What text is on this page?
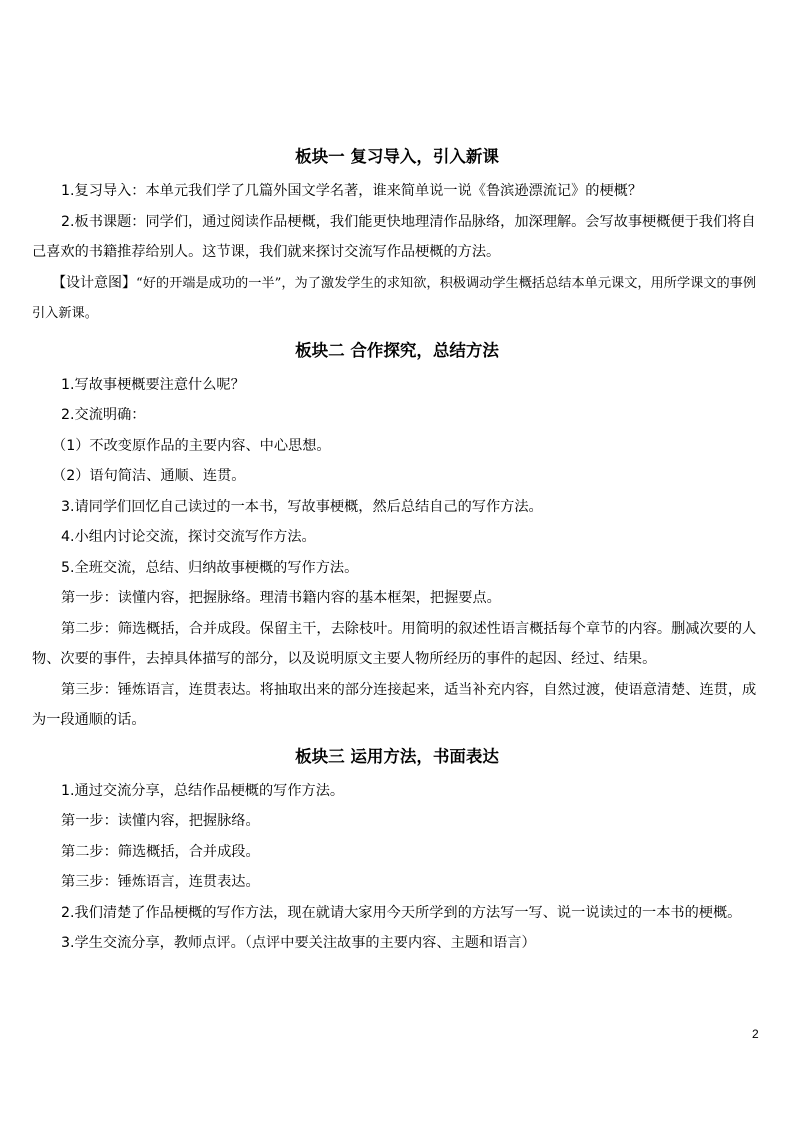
板块一 复习导入，引入新课

1.复习导入：本单元我们学了几篇外国文学名著，谁来简单说一说《鲁滨逊漂流记》的梗概？

2.板书课题：同学们，通过阅读作品梗概，我们能更快地理清作品脉络，加深理解。会写故事梗概便于我们将自己喜欢的书籍推荐给别人。这节课，我们就来探讨交流写作品梗概的方法。

【设计意图】“好的开端是成功的一半”，为了激发学生的求知欲，积极调动学生概括总结本单元课文，用所学课文的事例引入新课。

板块二 合作探究，总结方法

1.写故事梗概要注意什么呢？

2.交流明确：

（1）不改变原作品的主要内容、中心思想。

（2）语句简洁、通顺、连贯。

3.请同学们回忆自己读过的一本书，写故事梗概，然后总结自己的写作方法。

4.小组内讨论交流，探讨交流写作方法。

5.全班交流，总结、归纳故事梗概的写作方法。

第一步：读懂内容，把握脉络。理清书籍内容的基本框架，把握要点。

第二步：筛选概括，合并成段。保留主干，去除枝叶。用简明的叙述性语言概括每个章节的内容。删减次要的人物、次要的事件，去掉具体描写的部分，以及说明原文主要人物所经历的事件的起因、经过、结果。

第三步：锤炼语言，连贯表达。将抽取出来的部分连接起来，适当补充内容，自然过渡，使语意清楚、连贯，成为一段通顺的话。

板块三 运用方法，书面表达

1.通过交流分享，总结作品梗概的写作方法。

第一步：读懂内容，把握脉络。

第二步：筛选概括，合并成段。

第三步：锤炼语言，连贯表达。

2.我们清楚了作品梗概的写作方法，现在就请大家用今天所学到的方法写一写、说一说读过的一本书的梗概。

3.学生交流分享，教师点评。（点评中要关注故事的主要内容、主题和语言）

2
